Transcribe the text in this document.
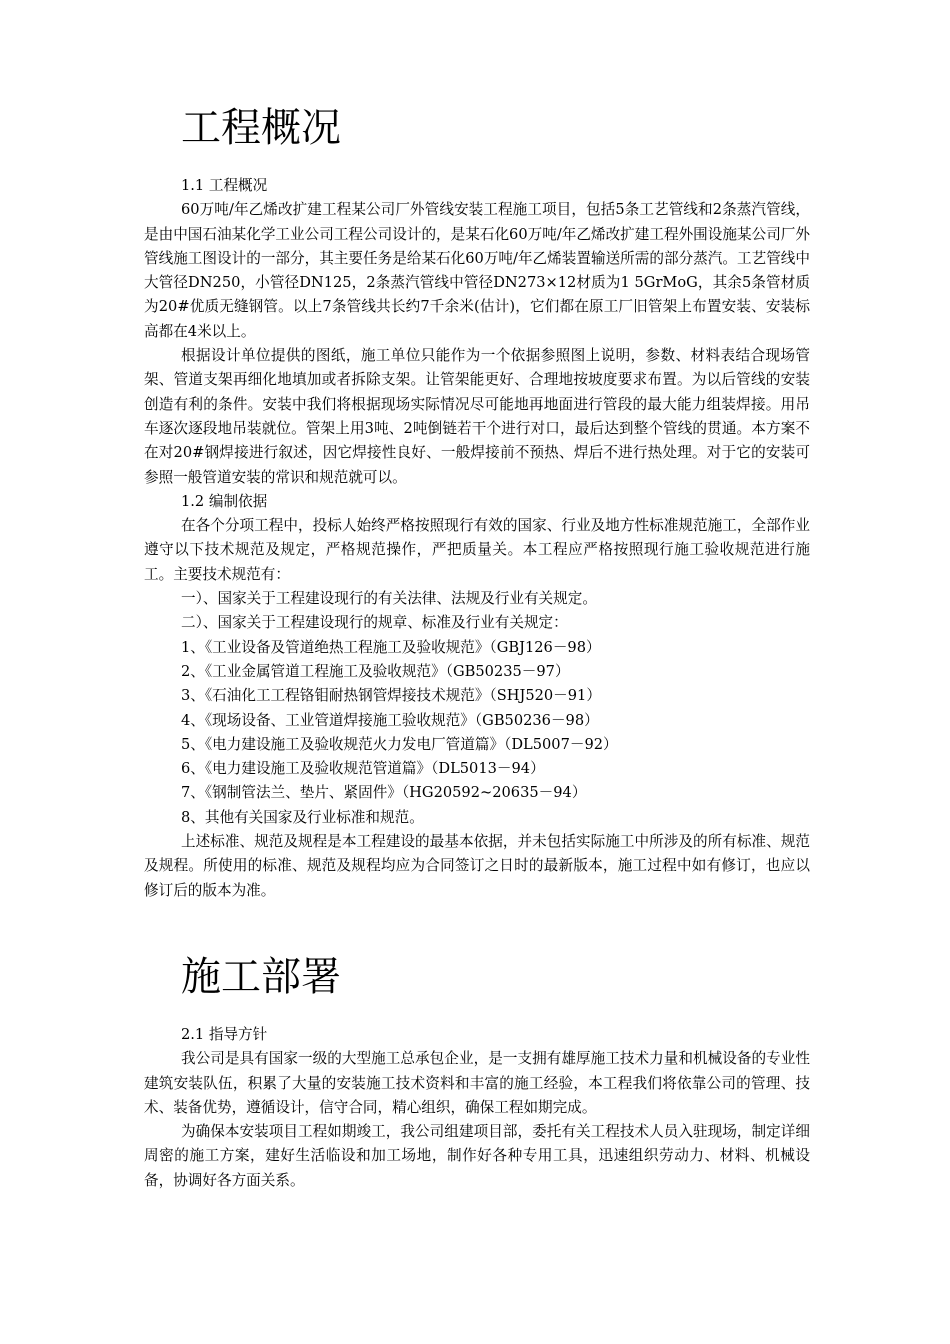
工程概况

1.1 工程概况

60万吨/年乙烯改扩建工程某公司厂外管线安装工程施工项目，包括5条工艺管线和2条蒸汽管线，是由中国石油某化学工业公司工程公司设计的，是某石化60万吨/年乙烯改扩建工程外围设施某公司厂外管线施工图设计的一部分，其主要任务是给某石化60万吨/年乙烯装置输送所需的部分蒸汽。工艺管线中大管径DN250，小管径DN125，2条蒸汽管线中管径DN273×12材质为1 5GrMoG，其余5条管材质为20#优质无缝钢管。以上7条管线共长约7千余米(估计)，它们都在原工厂旧管架上布置安装、安装标高都在4米以上。

根据设计单位提供的图纸，施工单位只能作为一个依据参照图上说明，参数、材料表结合现场管架、管道支架再细化地填加或者拆除支架。让管架能更好、合理地按坡度要求布置。为以后管线的安装创造有利的条件。安装中我们将根据现场实际情况尽可能地再地面进行管段的最大能力组装焊接。用吊车逐次逐段地吊装就位。管架上用3吨、2吨倒链若干个进行对口，最后达到整个管线的贯通。本方案不在对20#钢焊接进行叙述，因它焊接性良好、一般焊接前不预热、焊后不进行热处理。对于它的安装可参照一般管道安装的常识和规范就可以。

1.2 编制依据

在各个分项工程中，投标人始终严格按照现行有效的国家、行业及地方性标准规范施工，全部作业遵守以下技术规范及规定，严格规范操作，严把质量关。本工程应严格按照现行施工验收规范进行施工。主要技术规范有：

一）、国家关于工程建设现行的有关法律、法规及行业有关规定。

二）、国家关于工程建设现行的规章、标准及行业有关规定：

1、《工业设备及管道绝热工程施工及验收规范》（GBJ126－98）

2、《工业金属管道工程施工及验收规范》（GB50235－97）

3、《石油化工工程铬钼耐热钢管焊接技术规范》（SHJ520－91）

4、《现场设备、工业管道焊接施工验收规范》（GB50236－98）

5、《电力建设施工及验收规范火力发电厂管道篇》（DL5007－92）

6、《电力建设施工及验收规范管道篇》（DL5013－94）

7、《钢制管法兰、垫片、紧固件》（HG20592~20635－94）

8、其他有关国家及行业标准和规范。

上述标准、规范及规程是本工程建设的最基本依据，并未包括实际施工中所涉及的所有标准、规范及规程。所使用的标准、规范及规程均应为合同签订之日时的最新版本，施工过程中如有修订，也应以修订后的版本为准。

施工部署

2.1 指导方针

我公司是具有国家一级的大型施工总承包企业，是一支拥有雄厚施工技术力量和机械设备的专业性建筑安装队伍，积累了大量的安装施工技术资料和丰富的施工经验，本工程我们将依靠公司的管理、技术、装备优势，遵循设计，信守合同，精心组织，确保工程如期完成。

为确保本安装项目工程如期竣工，我公司组建项目部，委托有关工程技术人员入驻现场，制定详细周密的施工方案，建好生活临设和加工场地，制作好各种专用工具，迅速组织劳动力、材料、机械设备，协调好各方面关系。
